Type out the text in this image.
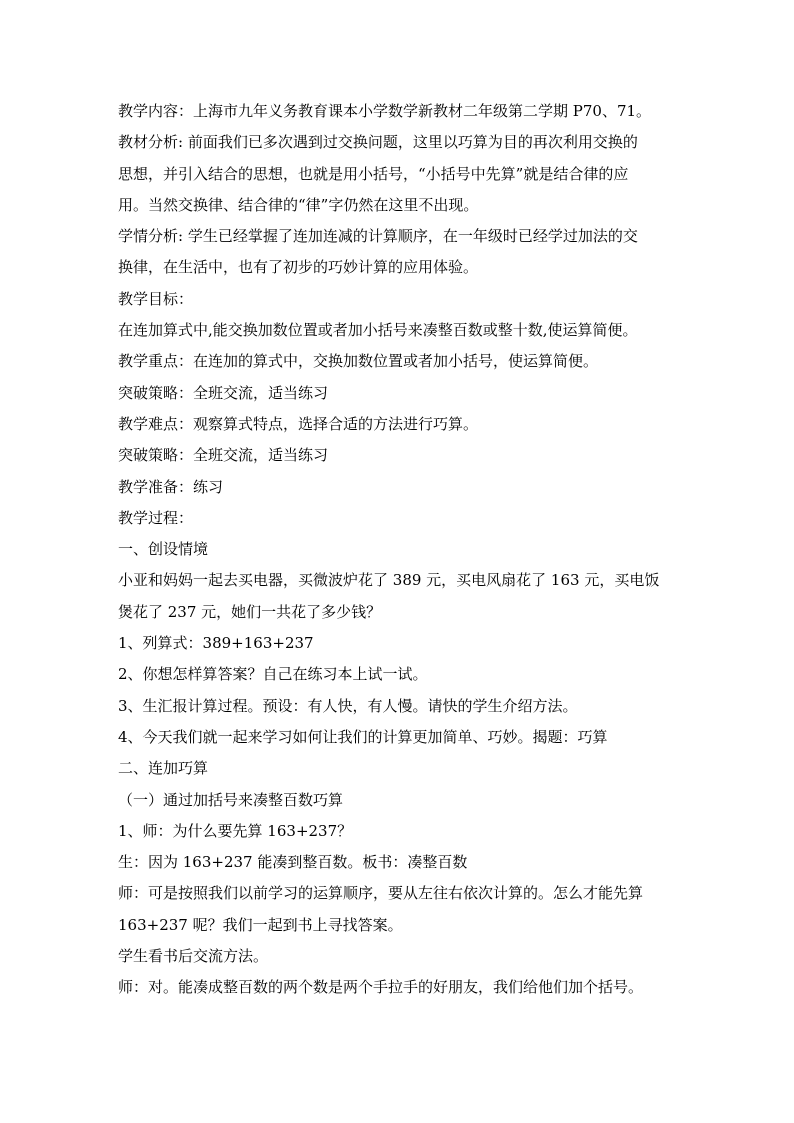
教学内容：上海市九年义务教育课本小学数学新教材二年级第二学期 P70、71。

教材分析: 前面我们已多次遇到过交换问题，这里以巧算为目的再次利用交换的
思想，并引入结合的思想，也就是用小括号，“小括号中先算”就是结合律的应
用。当然交换律、结合律的“律”字仍然在这里不出现。

学情分析: 学生已经掌握了连加连减的计算顺序，在一年级时已经学过加法的交
换律，在生活中，也有了初步的巧妙计算的应用体验。

教学目标：

在连加算式中,能交换加数位置或者加小括号来凑整百数或整十数,使运算简便。

教学重点：在连加的算式中，交换加数位置或者加小括号，使运算简便。

突破策略：全班交流，适当练习

教学难点：观察算式特点，选择合适的方法进行巧算。

突破策略：全班交流，适当练习

教学准备：练习

教学过程：

一、创设情境

小亚和妈妈一起去买电器，买微波炉花了 389 元，买电风扇花了 163 元，买电饭
煲花了 237 元，她们一共花了多少钱？

1、列算式：389+163+237

2、你想怎样算答案？自己在练习本上试一试。

3、生汇报计算过程。预设：有人快，有人慢。请快的学生介绍方法。

4、今天我们就一起来学习如何让我们的计算更加简单、巧妙。揭题：巧算

二、连加巧算

（一）通过加括号来凑整百数巧算

1、师：为什么要先算 163+237？

生：因为 163+237 能凑到整百数。板书：凑整百数

师：可是按照我们以前学习的运算顺序，要从左往右依次计算的。怎么才能先算
163+237 呢？我们一起到书上寻找答案。

学生看书后交流方法。

师：对。能凑成整百数的两个数是两个手拉手的好朋友，我们给他们加个括号。
